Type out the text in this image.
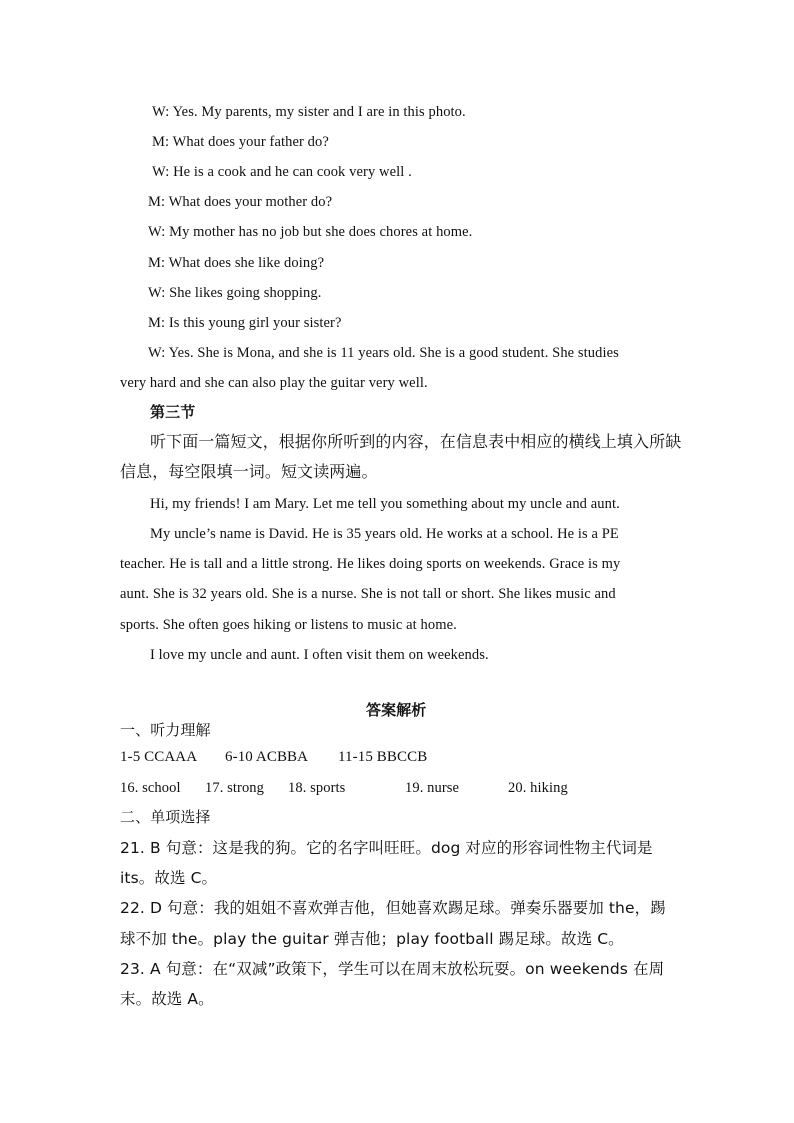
W: Yes. My parents, my sister and I are in this photo.
M: What does your father do?
W: He is a cook and he can cook very well .
M: What does your mother do?
W: My mother has no job but she does chores at home.
M: What does she like doing?
W: She likes going shopping.
M: Is this young girl your sister?
W: Yes. She is Mona, and she is 11 years old. She is a good student. She studies
very hard and she can also play the guitar very well.
第三节
听下面一篇短文，根据你所听到的内容，在信息表中相应的横线上填入所缺
信息，每空限填一词。短文读两遍。
Hi, my friends! I am Mary. Let me tell you something about my uncle and aunt.
My uncle’s name is David. He is 35 years old. He works at a school. He is a PE
teacher. He is tall and a little strong. He likes doing sports on weekends. Grace is my
aunt. She is 32 years old. She is a nurse. She is not tall or short. She likes music and
sports. She often goes hiking or listens to music at home.
I love my uncle and aunt. I often visit them on weekends.
答案解析
一、听力理解
1-5 CCAAA 6-10 ACBBA 11-15 BBCCB
16. school 17. strong 18. sports	19. nurse	20. hiking
二、单项选择
21. B 句意：这是我的狗。它的名字叫旺旺。dog 对应的形容词性物主代词是
its。故选 C。
22. D 句意：我的姐姐不喜欢弹吉他，但她喜欢踢足球。弹奏乐器要加 the，踢
球不加 the。play the guitar 弹吉他；play football 踢足球。故选 C。
23. A 句意：在“双减”政策下，学生可以在周末放松玩耍。on weekends 在周
末。故选 A。
